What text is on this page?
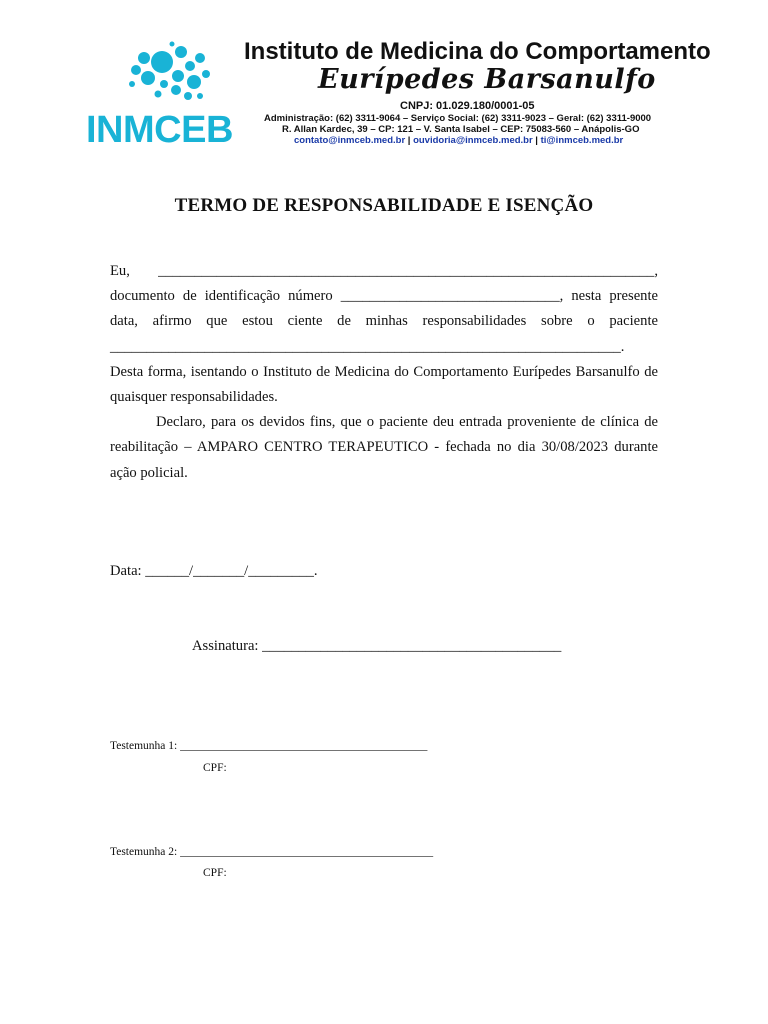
INMCEB
Instituto de Medicina do Comportamento
Eurípedes Barsanulfo
CNPJ: 01.029.180/0001-05
Administração: (62) 3311-9064 – Serviço Social: (62) 3311-9023 – Geral: (62) 3311-9000
R. Allan Kardec, 39 – CP: 121 – V. Santa Isabel – CEP: 75083-560 – Anápolis-GO
contato@inmceb.med.br | ouvidoria@inmceb.med.br | ti@inmceb.med.br
TERMO DE RESPONSABILIDADE E ISENÇÃO

Eu, ____________________________________________________________________, documento de identificação número ______________________________, nesta presente data, afirmo que estou ciente de minhas responsabilidades sobre o paciente ______________________________________________________________________. Desta forma, isentando o Instituto de Medicina do Comportamento Eurípedes Barsanulfo de quaisquer responsabilidades.

Declaro, para os devidos fins, que o paciente deu entrada proveniente de clínica de reabilitação – AMPARO CENTRO TERAPEUTICO - fechada no dia 30/08/2023 durante ação policial.

Data: ______/_______/_________.
Assinatura: _________________________________________
Testemunha 1: ___________________________________________
CPF:
Testemunha 2: ____________________________________________
CPF:
